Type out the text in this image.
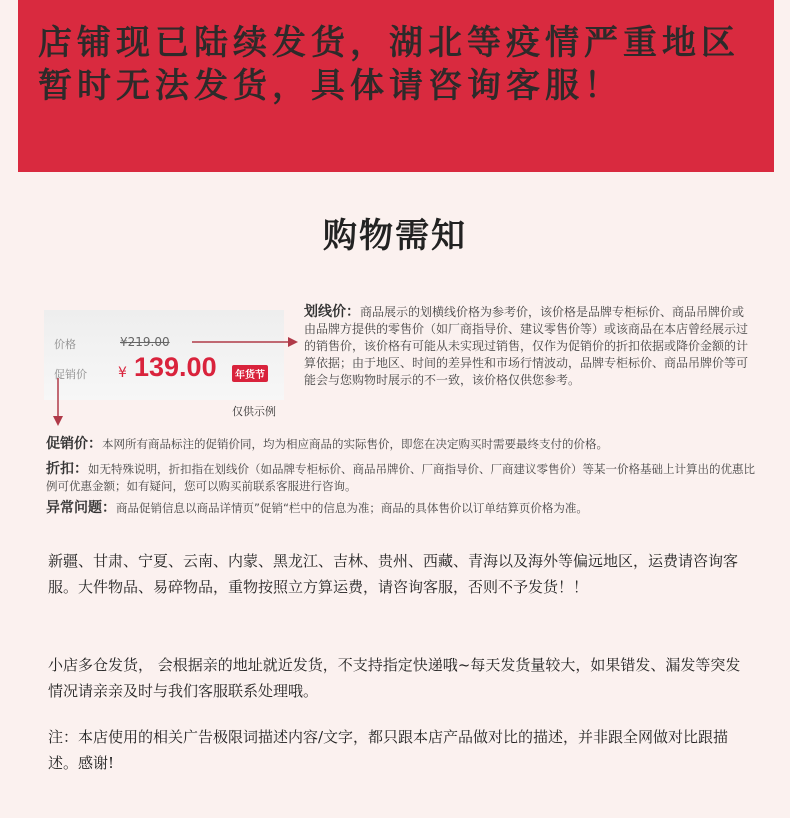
店铺现已陆续发货，湖北等疫情严重地区暂时无法发货，具体请咨询客服！

购物需知
价格	¥219.00
促销价 ¥ 139.00	年货节
仅供示例
划线价：商品展示的划横线价格为参考价，该价格是品牌专柜标价、商品吊牌价或由品牌方提供的零售价（如厂商指导价、建议零售价等）或该商品在本店曾经展示过的销售价，该价格有可能从未实现过销售，仅作为促销价的折扣依据或降价金额的计算依据；由于地区、时间的差异性和市场行情波动，品牌专柜标价、商品吊牌价等可能会与您购物时展示的不一致，该价格仅供您参考。
促销价：本网所有商品标注的促销价同，均为相应商品的实际售价，即您在决定购买时需要最终支付的价格。
折扣：如无特殊说明，折扣指在划线价（如品牌专柜标价、商品吊牌价、厂商指导价、厂商建议零售价）等某一价格基础上计算出的优惠比例可优惠金额；如有疑问，您可以购买前联系客服进行咨询。
异常问题：商品促销信息以商品详情页”促销“栏中的信息为准；商品的具体售价以订单结算页价格为准。

新疆、甘肃、宁夏、云南、内蒙、黑龙江、吉林、贵州、西藏、青海以及海外等偏远地区，运费请咨询客服。大件物品、易碎物品，重物按照立方算运费，请咨询客服，否则不予发货！！

小店多仓发货， 会根据亲的地址就近发货，不支持指定快递哦~每天发货量较大，如果错发、漏发等突发情况请亲亲及时与我们客服联系处理哦。

注：本店使用的相关广告极限词描述内容/文字，都只跟本店产品做对比的描述，并非跟全网做对比跟描述。感谢!
